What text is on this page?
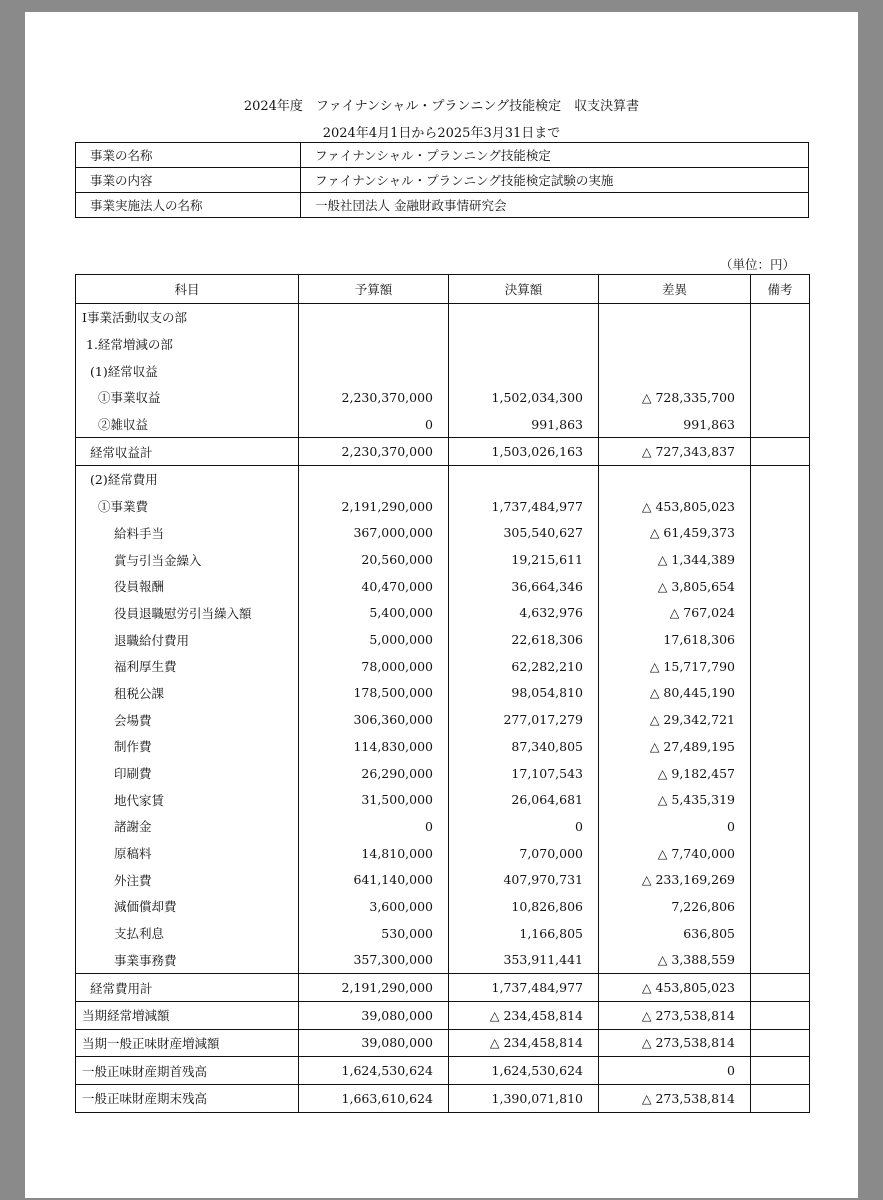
2024年度　ファイナンシャル・プランニング技能検定　収支決算書
2024年4月1日から2025年3月31日まで
事業の名称	ファイナンシャル・プランニング技能検定
事業の内容	ファイナンシャル・プランニング技能検定試験の実施
事業実施法人の名称	一般社団法人 金融財政事情研究会
（単位：円）
科目	予算額	決算額	差異	備考
Ⅰ事業活動収支の部				
1.経常増減の部				
(1)経常収益				
①事業収益	2,230,370,000	1,502,034,300	△ 728,335,700	
②雑収益	0	991,863	991,863	
経常収益計	2,230,370,000	1,503,026,163	△ 727,343,837	
(2)経常費用				
①事業費	2,191,290,000	1,737,484,977	△ 453,805,023	
給料手当	367,000,000	305,540,627	△ 61,459,373	
賞与引当金繰入	20,560,000	19,215,611	△ 1,344,389	
役員報酬	40,470,000	36,664,346	△ 3,805,654	
役員退職慰労引当繰入額	5,400,000	4,632,976	△ 767,024	
退職給付費用	5,000,000	22,618,306	17,618,306	
福利厚生費	78,000,000	62,282,210	△ 15,717,790	
租税公課	178,500,000	98,054,810	△ 80,445,190	
会場費	306,360,000	277,017,279	△ 29,342,721	
制作費	114,830,000	87,340,805	△ 27,489,195	
印刷費	26,290,000	17,107,543	△ 9,182,457	
地代家賃	31,500,000	26,064,681	△ 5,435,319	
諸謝金	0	0	0	
原稿料	14,810,000	7,070,000	△ 7,740,000	
外注費	641,140,000	407,970,731	△ 233,169,269	
減価償却費	3,600,000	10,826,806	7,226,806	
支払利息	530,000	1,166,805	636,805	
事業事務費	357,300,000	353,911,441	△ 3,388,559	
経常費用計	2,191,290,000	1,737,484,977	△ 453,805,023	
当期経常増減額	39,080,000	△ 234,458,814	△ 273,538,814	
当期一般正味財産増減額	39,080,000	△ 234,458,814	△ 273,538,814	
一般正味財産期首残高	1,624,530,624	1,624,530,624	0	
一般正味財産期末残高	1,663,610,624	1,390,071,810	△ 273,538,814	
